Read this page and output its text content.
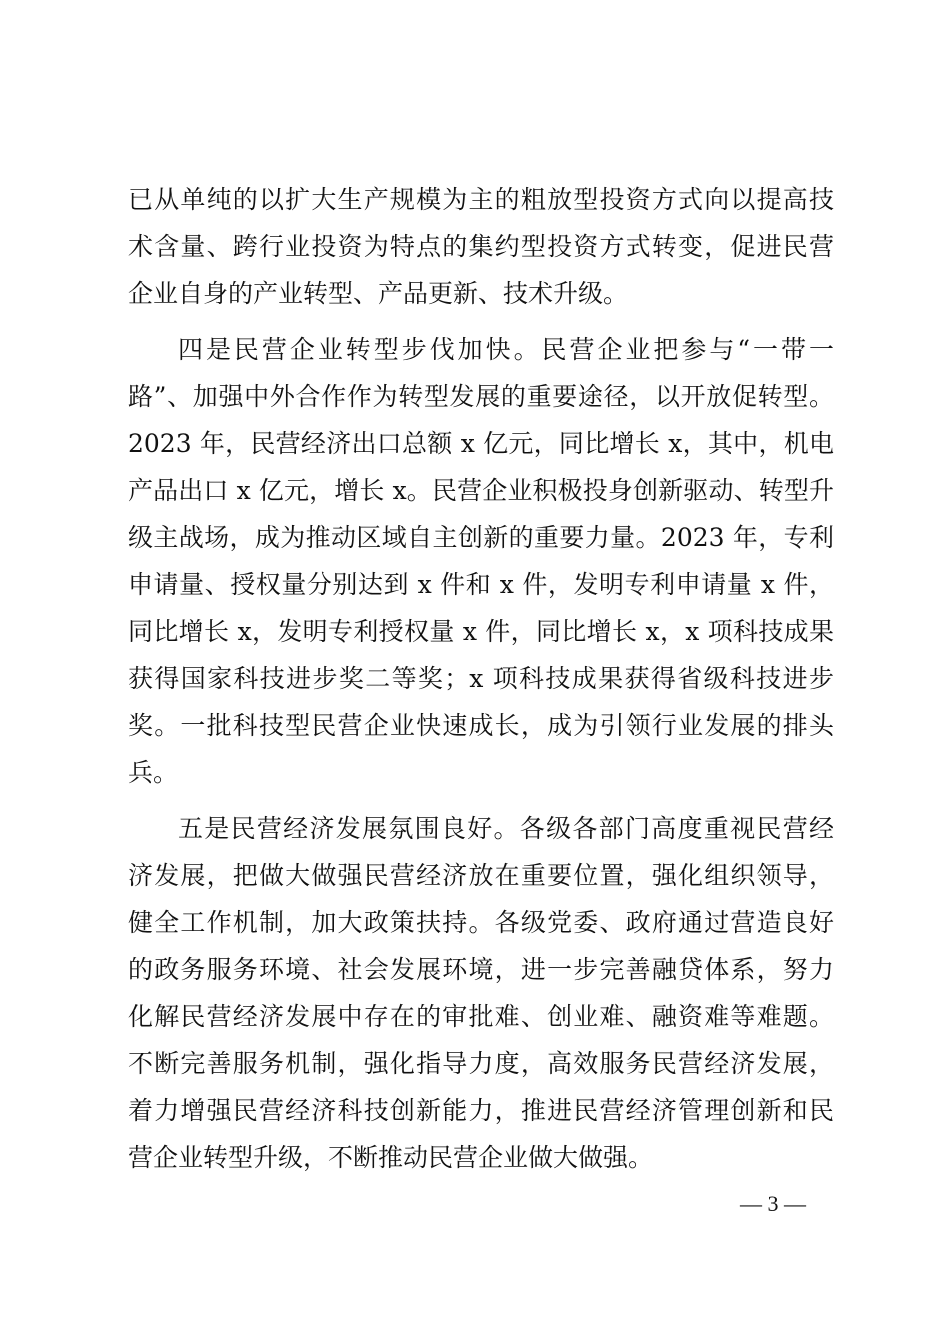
已从单纯的以扩大生产规模为主的粗放型投资方式向以提高技
术含量、跨行业投资为特点的集约型投资方式转变，促进民营
企业自身的产业转型、产品更新、技术升级。
四是民营企业转型步伐加快。民营企业把参与“一带一
路”、加强中外合作作为转型发展的重要途径，以开放促转型。
2023 年，民营经济出口总额 x 亿元，同比增长 x，其中，机电
产品出口 x 亿元，增长 x。民营企业积极投身创新驱动、转型升
级主战场，成为推动区域自主创新的重要力量。2023 年，专利
申请量、授权量分别达到 x 件和 x 件，发明专利申请量 x 件，
同比增长 x，发明专利授权量 x 件，同比增长 x，x 项科技成果
获得国家科技进步奖二等奖；x 项科技成果获得省级科技进步
奖。一批科技型民营企业快速成长，成为引领行业发展的排头
兵。
五是民营经济发展氛围良好。各级各部门高度重视民营经
济发展，把做大做强民营经济放在重要位置，强化组织领导，
健全工作机制，加大政策扶持。各级党委、政府通过营造良好
的政务服务环境、社会发展环境，进一步完善融贷体系，努力
化解民营经济发展中存在的审批难、创业难、融资难等难题。
不断完善服务机制，强化指导力度，高效服务民营经济发展，
着力增强民营经济科技创新能力，推进民营经济管理创新和民
营企业转型升级，不断推动民营企业做大做强。
— 3 —
